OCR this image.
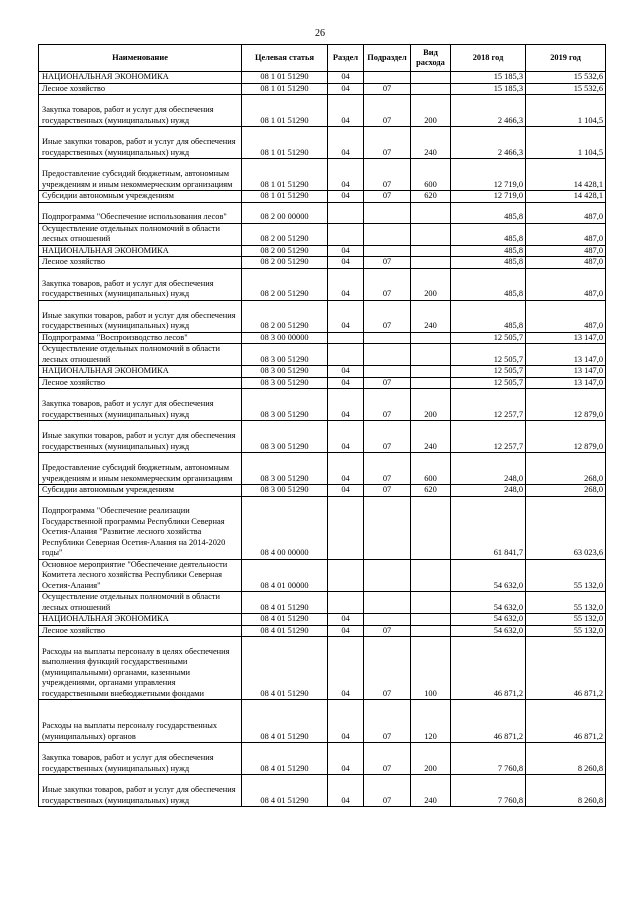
26
Наименование	Целевая статья	Раздел	Подраздел	Вид расхода	2018 год	2019 год
НАЦИОНАЛЬНАЯ ЭКОНОМИКА	08 1 01 51290	04			15 185,3	15 532,6
Лесное хозяйство	08 1 01 51290	04	07		15 185,3	15 532,6
Закупка товаров, работ и услуг для обеспечения государственных (муниципальных) нужд	08 1 01 51290	04	07	200	2 466,3	1 104,5
Иные закупки товаров, работ и услуг для обеспечения государственных (муниципальных) нужд	08 1 01 51290	04	07	240	2 466,3	1 104,5
Предоставление субсидий бюджетным, автономным учреждениям и иным некоммерческим организациям	08 1 01 51290	04	07	600	12 719,0	14 428,1
Субсидии автономным учреждениям	08 1 01 51290	04	07	620	12 719,0	14 428,1
Подпрограмма "Обеспечение использования лесов"	08 2 00 00000				485,8	487,0
Осуществление отдельных полномочий в области лесных отношений	08 2 00 51290				485,8	487,0
НАЦИОНАЛЬНАЯ ЭКОНОМИКА	08 2 00 51290	04			485,8	487,0
Лесное хозяйство	08 2 00 51290	04	07		485,8	487,0
Закупка товаров, работ и услуг для обеспечения государственных (муниципальных) нужд	08 2 00 51290	04	07	200	485,8	487,0
Иные закупки товаров, работ и услуг для обеспечения государственных (муниципальных) нужд	08 2 00 51290	04	07	240	485,8	487,0
Подпрограмма "Воспроизводство лесов"	08 3 00 00000				12 505,7	13 147,0
Осуществление отдельных полномочий в области лесных отношений	08 3 00 51290				12 505,7	13 147,0
НАЦИОНАЛЬНАЯ ЭКОНОМИКА	08 3 00 51290	04			12 505,7	13 147,0
Лесное хозяйство	08 3 00 51290	04	07		12 505,7	13 147,0
Закупка товаров, работ и услуг для обеспечения государственных (муниципальных) нужд	08 3 00 51290	04	07	200	12 257,7	12 879,0
Иные закупки товаров, работ и услуг для обеспечения государственных (муниципальных) нужд	08 3 00 51290	04	07	240	12 257,7	12 879,0
Предоставление субсидий бюджетным, автономным учреждениям и иным некоммерческим организациям	08 3 00 51290	04	07	600	248,0	268,0
Субсидии автономным учреждениям	08 3 00 51290	04	07	620	248,0	268,0
Подпрограмма "Обеспечение реализации Государственной программы Республики Северная Осетия-Алания "Развитие лесного хозяйства Республики Северная Осетия-Алания на 2014-2020 годы"	08 4 00 00000				61 841,7	63 023,6
Основное мероприятие "Обеспечение деятельности Комитета лесного хозяйства Республики Северная Осетия-Алания"	08 4 01 00000				54 632,0	55 132,0
Осуществление отдельных полномочий в области лесных отношений	08 4 01 51290				54 632,0	55 132,0
НАЦИОНАЛЬНАЯ ЭКОНОМИКА	08 4 01 51290	04			54 632,0	55 132,0
Лесное хозяйство	08 4 01 51290	04	07		54 632,0	55 132,0
Расходы на выплаты персоналу в целях обеспечения выполнения функций государственными (муниципальными) органами, казенными учреждениями, органами управления государственными внебюджетными фондами	08 4 01 51290	04	07	100	46 871,2	46 871,2
Расходы на выплаты персоналу государственных (муниципальных) органов	08 4 01 51290	04	07	120	46 871,2	46 871,2
Закупка товаров, работ и услуг для обеспечения государственных (муниципальных) нужд	08 4 01 51290	04	07	200	7 760,8	8 260,8
Иные закупки товаров, работ и услуг для обеспечения государственных (муниципальных) нужд	08 4 01 51290	04	07	240	7 760,8	8 260,8
